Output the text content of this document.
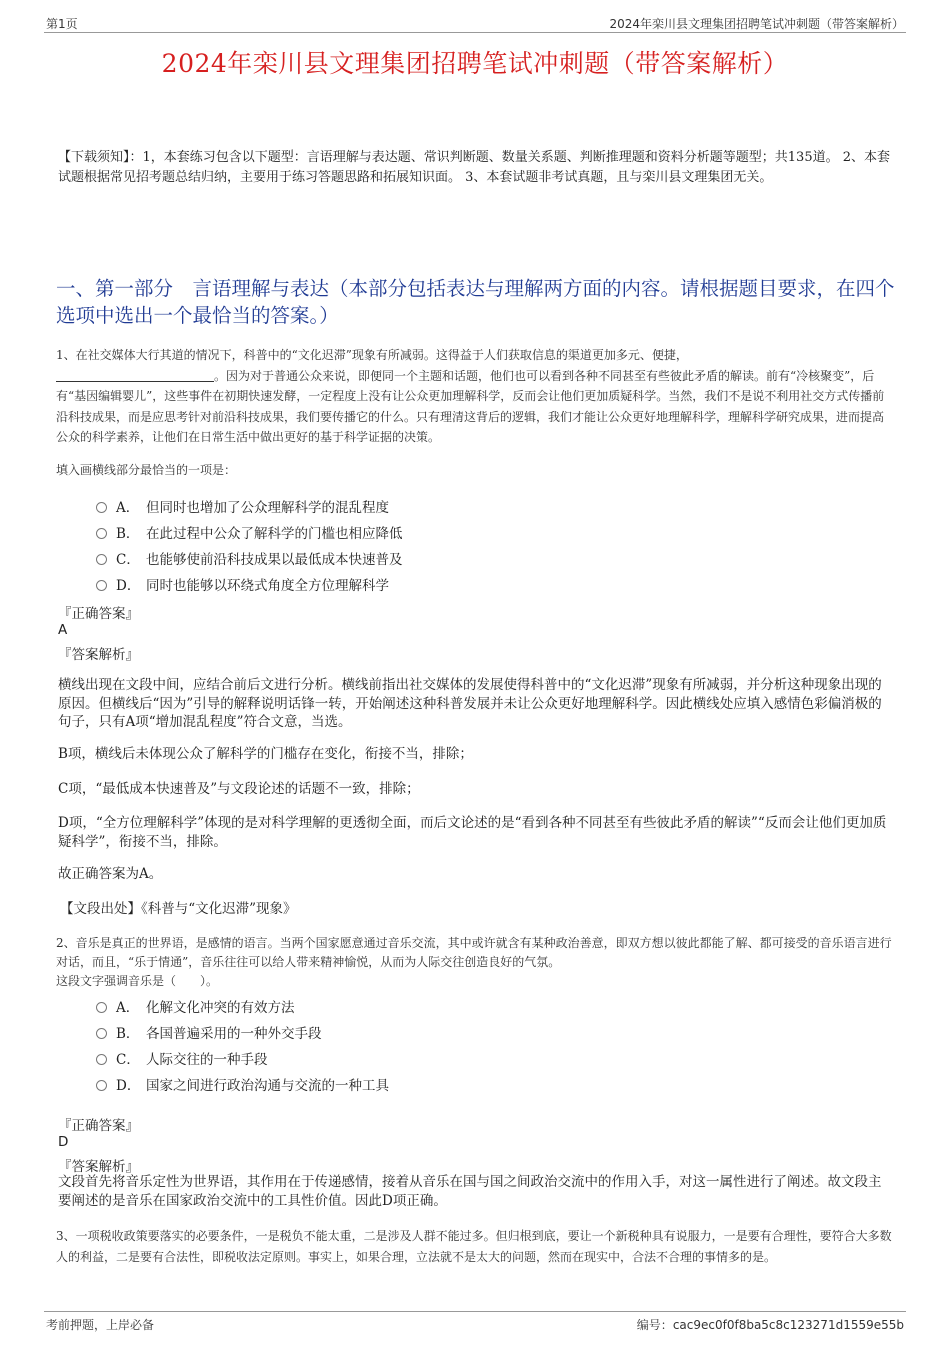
第1页	2024年栾川县文理集团招聘笔试冲刺题（带答案解析）
2024年栾川县文理集团招聘笔试冲刺题（带答案解析）
【下载须知】：1，本套练习包含以下题型：言语理解与表达题、常识判断题、数量关系题、判断推理题和资料分析题等题型；共135道。 2、本套试题根据常见招考题总结归纳，主要用于练习答题思路和拓展知识面。 3、本套试题非考试真题，且与栾川县文理集团无关。
一、第一部分　言语理解与表达（本部分包括表达与理解两方面的内容。请根据题目要求，在四个选项中选出一个最恰当的答案。）
1、在社交媒体大行其道的情况下，科普中的“文化迟滞”现象有所减弱。这得益于人们获取信息的渠道更加多元、便捷，
。因为对于普通公众来说，即便同一个主题和话题，他们也可以看到各种不同甚至有些彼此矛盾的解读。前有“冷核聚变”，后有“基因编辑婴儿”，这些事件在初期快速发酵，一定程度上没有让公众更加理解科学，反而会让他们更加质疑科学。当然，我们不是说不利用社交方式传播前沿科技成果，而是应思考针对前沿科技成果，我们要传播它的什么。只有理清这背后的逻辑，我们才能让公众更好地理解科学，理解科学研究成果，进而提高公众的科学素养，让他们在日常生活中做出更好的基于科学证据的决策。
填入画横线部分最恰当的一项是：
A． 但同时也增加了公众理解科学的混乱程度
B． 在此过程中公众了解科学的门槛也相应降低
C． 也能够使前沿科技成果以最低成本快速普及
D． 同时也能够以环绕式角度全方位理解科学
『正确答案』
A
『答案解析』
横线出现在文段中间，应结合前后文进行分析。横线前指出社交媒体的发展使得科普中的“文化迟滞”现象有所减弱，并分析这种现象出现的原因。但横线后“因为”引导的解释说明话锋一转，开始阐述这种科普发展并未让公众更好地理解科学。因此横线处应填入感情色彩偏消极的句子，只有A项“增加混乱程度”符合文意，当选。
B项，横线后未体现公众了解科学的门槛存在变化，衔接不当，排除；
C项，“最低成本快速普及”与文段论述的话题不一致，排除；
D项，“全方位理解科学”体现的是对科学理解的更透彻全面，而后文论述的是“看到各种不同甚至有些彼此矛盾的解读”“反而会让他们更加质疑科学”，衔接不当，排除。
故正确答案为A。
【文段出处】《科普与“文化迟滞”现象》
2、音乐是真正的世界语，是感情的语言。当两个国家愿意通过音乐交流，其中或许就含有某种政治善意，即双方想以彼此都能了解、都可接受的音乐语言进行对话，而且，“乐于情通”，音乐往往可以给人带来精神愉悦，从而为人际交往创造良好的气氛。
这段文字强调音乐是（　　）。
A． 化解文化冲突的有效方法
B． 各国普遍采用的一种外交手段
C． 人际交往的一种手段
D． 国家之间进行政治沟通与交流的一种工具
『正确答案』
D
『答案解析』
文段首先将音乐定性为世界语，其作用在于传递感情，接着从音乐在国与国之间政治交流中的作用入手，对这一属性进行了阐述。故文段主要阐述的是音乐在国家政治交流中的工具性价值。因此D项正确。
3、一项税收政策要落实的必要条件，一是税负不能太重，二是涉及人群不能过多。但归根到底，要让一个新税种具有说服力，一是要有合理性，要符合大多数人的利益，二是要有合法性，即税收法定原则。事实上，如果合理，立法就不是太大的问题，然而在现实中，合法不合理的事情多的是。
考前押题，上岸必备	编号：cac9ec0f0f8ba5c8c123271d1559e55b
